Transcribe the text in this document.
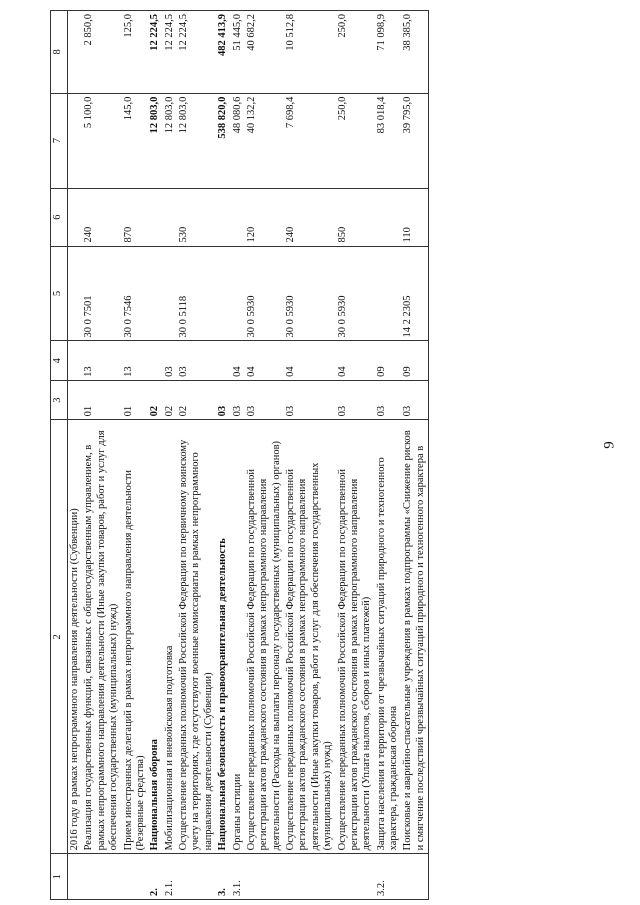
9
1	2	3	4	5	6	7	8
	2016 году в рамках непрограммного направления деятельности (Субвенции)						
	Реализация государственных функций, связанных с общегосударственным управлением, в рамках непрограммного направления деятельности (Иные закупки товаров, работ и услуг для обеспечения государственных (муниципальных) нужд)	01	13	30 0 7501	240	5 100,0	2 850,0
	Прием иностранных делегаций в рамках непрограммного направления деятельности (Резервные средства)	01	13	30 0 7546	870	145,0	125,0
2.	Национальная оборона	02				12 803,0	12 224,5
2.1.	Мобилизационная и вневойсковая подготовка	02	03			12 803,0	12 224,5
	Осуществление переданных полномочий Российской Федерации по первичному воинскому учету на территориях, где отсутствуют военные комиссариаты в рамках непрограммного направления деятельности (Субвенции)	02	03	30 0 5118	530	12 803,0	12 224,5
3.	Национальная безопасность и правоохранительная деятельность	03				538 820,0	482 413,9
3.1.	Органы юстиции	03	04			48 080,6	51 445,0
	Осуществление переданных полномочий Российской Федерации по государственной регистрации актов гражданского состояния в рамках непрограммного направления деятельности (Расходы на выплаты персоналу государственных (муниципальных) органов)	03	04	30 0 5930	120	40 132,2	40 682,2
	Осуществление переданных полномочий Российской Федерации по государственной регистрации актов гражданского состояния в рамках непрограммного направления деятельности (Иные закупки товаров, работ и услуг для обеспечения государственных (муниципальных) нужд)	03	04	30 0 5930	240	7 698,4	10 512,8
	Осуществление переданных полномочий Российской Федерации по государственной регистрации актов гражданского состояния в рамках непрограммного направления деятельности (Уплата налогов, сборов и иных платежей)	03	04	30 0 5930	850	250,0	250,0
3.2.	Защита населения и территории от чрезвычайных ситуаций природного и техногенного характера, гражданская оборона	03	09			83 018,4	71 098,9
	Поисковые и аварийно-спасательные учреждения в рамках подпрограммы «Снижение рисков и смягчение последствий чрезвычайных ситуаций природного и техногенного характера в	03	09	14 2 2305	110	39 795,0	38 385,0
